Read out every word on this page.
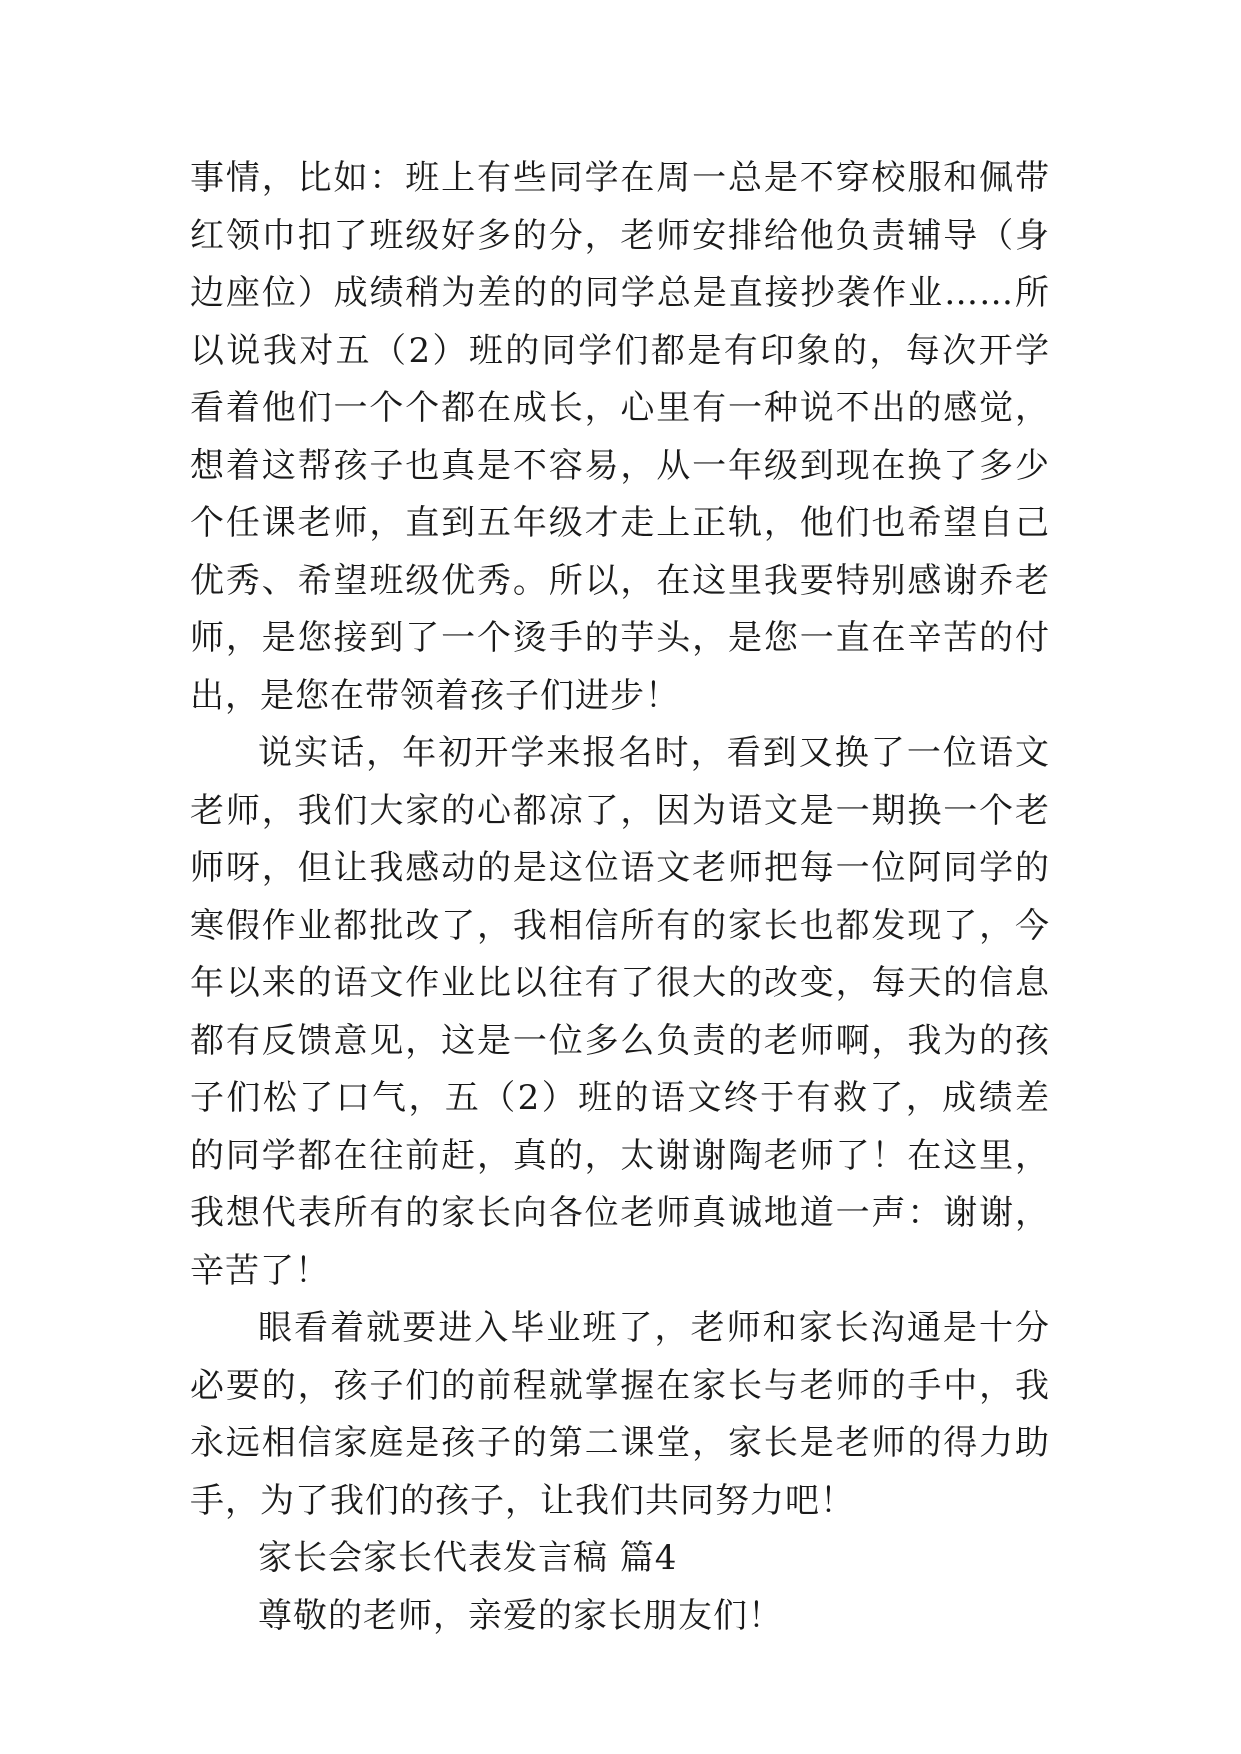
事情，比如：班上有些同学在周一总是不穿校服和佩带红领巾扣了班级好多的分，老师安排给他负责辅导（身边座位）成绩稍为差的的同学总是直接抄袭作业……所以说我对五（2）班的同学们都是有印象的，每次开学看着他们一个个都在成长，心里有一种说不出的感觉，想着这帮孩子也真是不容易，从一年级到现在换了多少个任课老师，直到五年级才走上正轨，他们也希望自己优秀、希望班级优秀。所以，在这里我要特别感谢乔老师，是您接到了一个烫手的芋头，是您一直在辛苦的付出，是您在带领着孩子们进步！

说实话，年初开学来报名时，看到又换了一位语文老师，我们大家的心都凉了，因为语文是一期换一个老师呀，但让我感动的是这位语文老师把每一位阿同学的寒假作业都批改了，我相信所有的家长也都发现了，今年以来的语文作业比以往有了很大的改变，每天的信息都有反馈意见，这是一位多么负责的老师啊，我为的孩子们松了口气，五（2）班的语文终于有救了，成绩差的同学都在往前赶，真的，太谢谢陶老师了！在这里，我想代表所有的家长向各位老师真诚地道一声：谢谢，辛苦了！

眼看着就要进入毕业班了，老师和家长沟通是十分必要的，孩子们的前程就掌握在家长与老师的手中，我永远相信家庭是孩子的第二课堂，家长是老师的得力助手，为了我们的孩子，让我们共同努力吧！

家长会家长代表发言稿 篇4

尊敬的老师，亲爱的家长朋友们！
